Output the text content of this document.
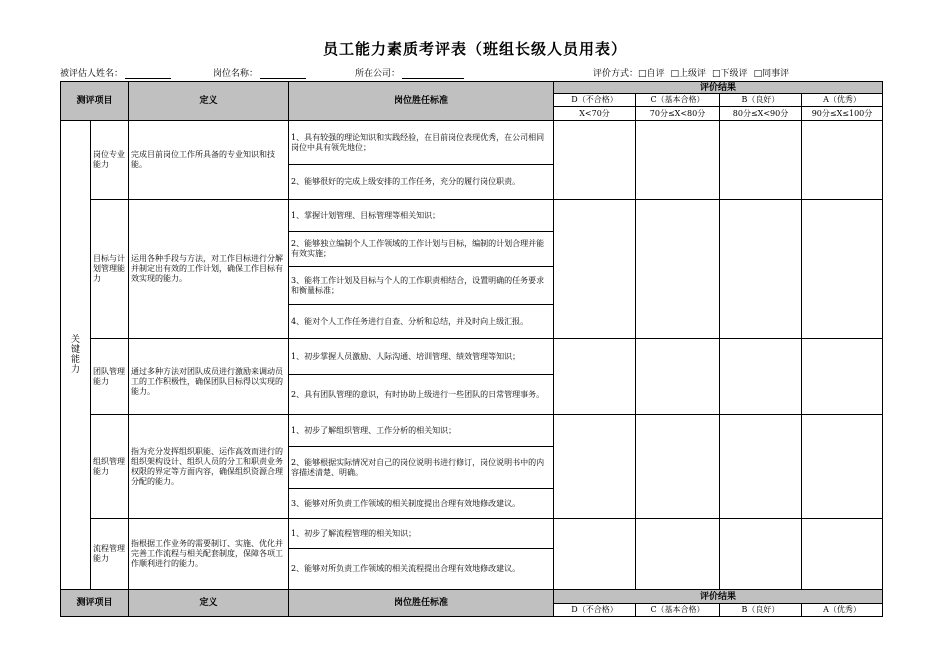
员工能力素质考评表（班组长级人员用表）
被评估人姓名：	岗位名称：	所在公司：	评价方式：□自评 □上级评 □下级评 □同事评
测评项目		定义	岗位胜任标准	评价结果			
				D（不合格）	C（基本合格）	B（良好）	A（优秀）
				X<70分	70分≤X<80分	80分≤X<90分	90分≤X≤100分
关键能力	岗位专业能力	完成目前岗位工作所具备的专业知识和技能。	1、具有较强的理论知识和实践经验，在目前岗位表现优秀，在公司相同岗位中具有领先地位；				
			2、能够很好的完成上级安排的工作任务，充分的履行岗位职责。				
	目标与计划管理能力	运用各种手段与方法，对工作目标进行分解并制定出有效的工作计划，确保工作目标有效实现的能力。	1、掌握计划管理、目标管理等相关知识；				
			2、能够独立编制个人工作领域的工作计划与目标，编制的计划合理并能有效实施；				
			3、能将工作计划及目标与个人的工作职责相结合，设置明确的任务要求和衡量标准；				
			4、能对个人工作任务进行自查、分析和总结，并及时向上级汇报。				
	团队管理能力	通过多种方法对团队成员进行激励来调动员工的工作积极性，确保团队目标得以实现的能力。	1、初步掌握人员激励、人际沟通、培训管理、绩效管理等知识；				
			2、具有团队管理的意识，有时协助上级进行一些团队的日常管理事务。				
	组织管理能力	指为充分发挥组织职能、运作高效而进行的组织架构设计、组织人员的分工和职责业务权限的界定等方面内容，确保组织资源合理分配的能力。	1、初步了解组织管理、工作分析的相关知识；				
			2、能够根据实际情况对自己的岗位说明书进行修订，岗位说明书中的内容描述清楚、明确。				
			3、能够对所负责工作领域的相关制度提出合理有效地修改建议。				
	流程管理能力	指根据工作业务的需要制订、实施、优化并完善工作流程与相关配套制度，保障各项工作顺利进行的能力。	1、初步了解流程管理的相关知识；				
			2、能够对所负责工作领域的相关流程提出合理有效地修改建议。				
测评项目		定义	岗位胜任标准	评价结果			
				D（不合格）	C（基本合格）	B（良好）	A（优秀）
